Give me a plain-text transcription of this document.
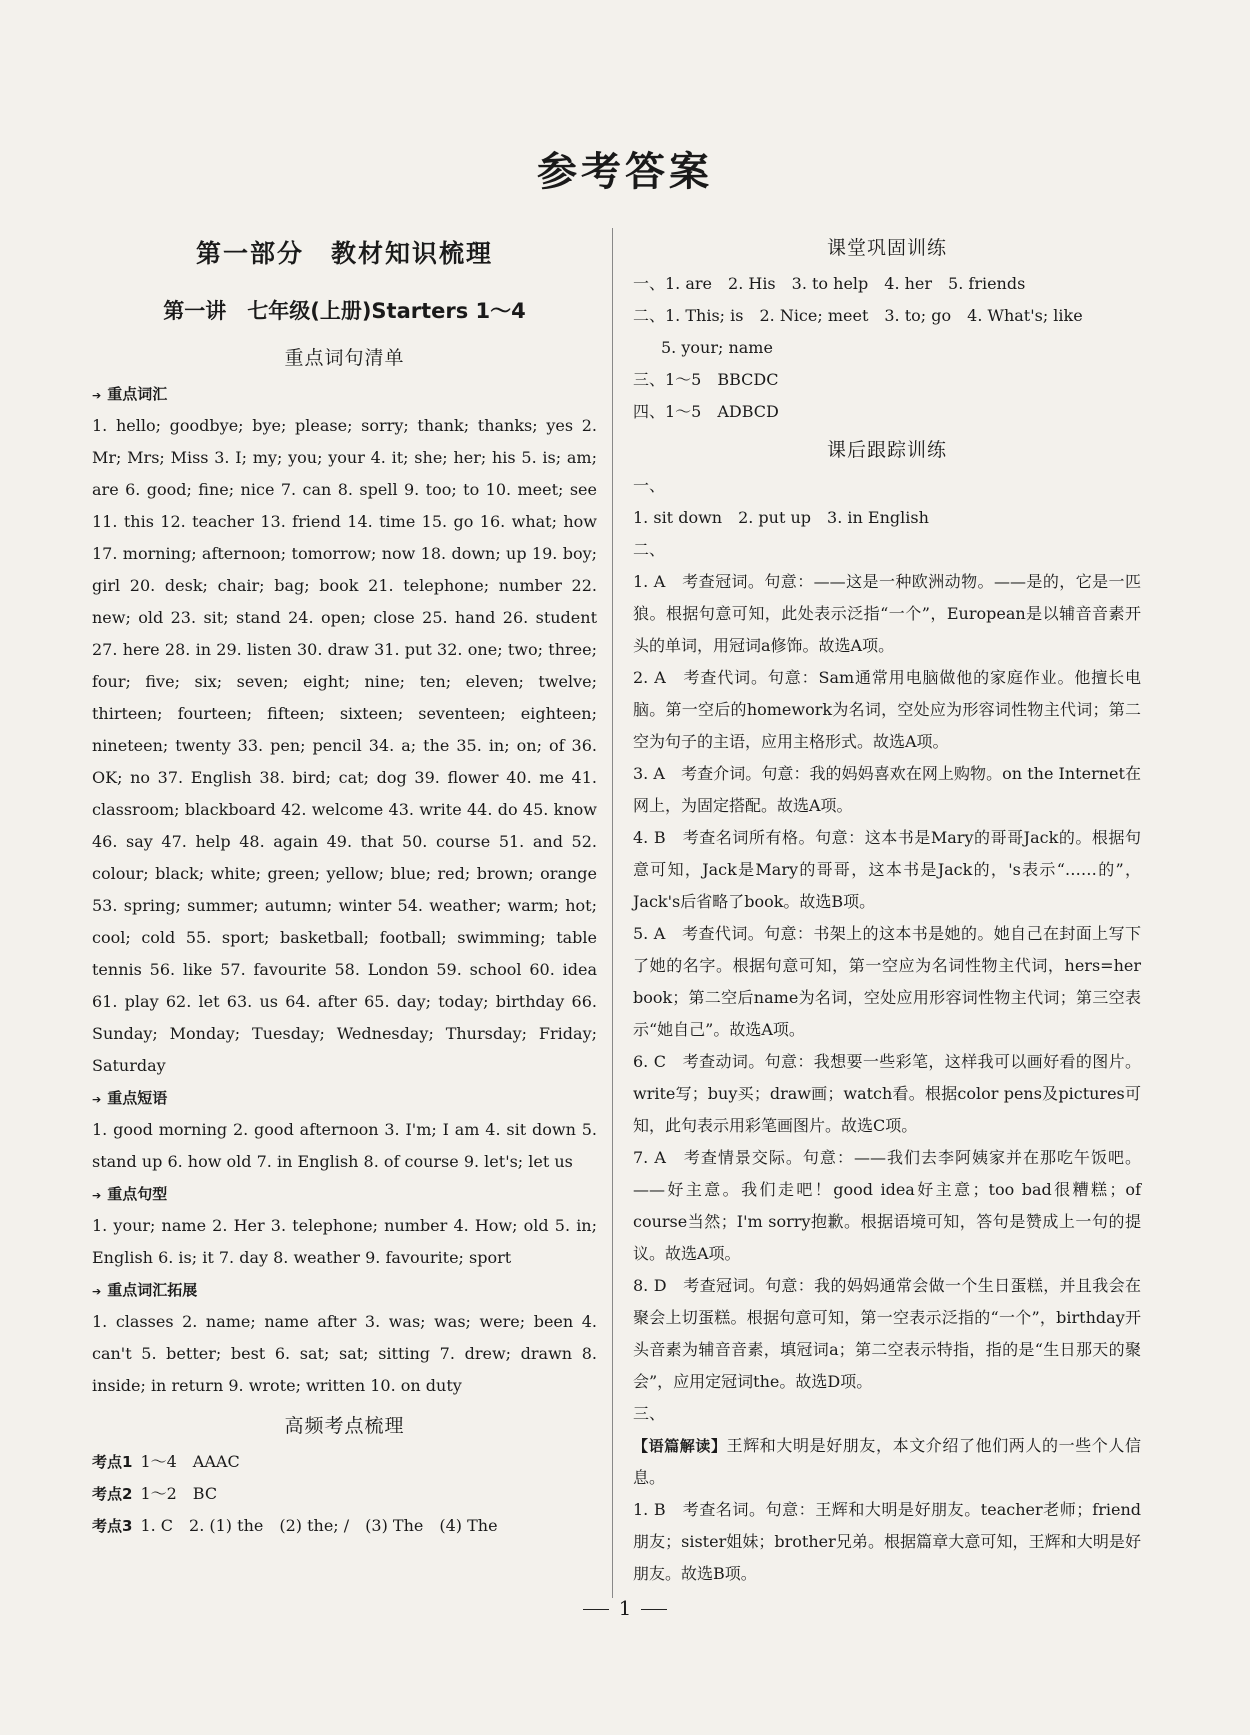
参考答案
第一部分　教材知识梳理
第一讲　七年级(上册)Starters 1～4
重点词句清单
➔ 重点词汇
1. hello; goodbye; bye; please; sorry; thank; thanks; yes 2. Mr; Mrs; Miss 3. I; my; you; your 4. it; she; her; his 5. is; am; are 6. good; fine; nice 7. can 8. spell 9. too; to 10. meet; see 11. this 12. teacher 13. friend 14. time 15. go 16. what; how 17. morning; afternoon; tomorrow; now 18. down; up 19. boy; girl 20. desk; chair; bag; book 21. telephone; number 22. new; old 23. sit; stand 24. open; close 25. hand 26. student 27. here 28. in 29. listen 30. draw 31. put 32. one; two; three; four; five; six; seven; eight; nine; ten; eleven; twelve; thirteen; fourteen; fifteen; sixteen; seventeen; eighteen; nineteen; twenty 33. pen; pencil 34. a; the 35. in; on; of 36. OK; no 37. English 38. bird; cat; dog 39. flower 40. me 41. classroom; blackboard 42. welcome 43. write 44. do 45. know 46. say 47. help 48. again 49. that 50. course 51. and 52. colour; black; white; green; yellow; blue; red; brown; orange 53. spring; summer; autumn; winter 54. weather; warm; hot; cool; cold 55. sport; basketball; football; swimming; table tennis 56. like 57. favourite 58. London 59. school 60. idea 61. play 62. let 63. us 64. after 65. day; today; birthday 66. Sunday; Monday; Tuesday; Wednesday; Thursday; Friday; Saturday
➔ 重点短语
1. good morning 2. good afternoon 3. I'm; I am 4. sit down 5. stand up 6. how old 7. in English 8. of course 9. let's; let us
➔ 重点句型
1. your; name 2. Her 3. telephone; number 4. How; old 5. in; English 6. is; it 7. day 8. weather 9. favourite; sport
➔ 重点词汇拓展
1. classes 2. name; name after 3. was; was; were; been 4. can't 5. better; best 6. sat; sat; sitting 7. drew; drawn 8. inside; in return 9. wrote; written 10. on duty
高频考点梳理
考点1 1～4　AAAC
考点2 1～2　BC
考点3 1. C　2. (1) the　(2) the; /　(3) The　(4) The
课堂巩固训练
一、1. are　2. His　3. to help　4. her　5. friends
二、1. This; is　2. Nice; meet　3. to; go　4. What's; like
5. your; name
三、1～5　BBCDC
四、1～5　ADBCD
课后跟踪训练
一、
1. sit down　2. put up　3. in English
二、
1. A　考查冠词。句意：——这是一种欧洲动物。——是的，它是一匹狼。根据句意可知，此处表示泛指“一个”，European是以辅音音素开头的单词，用冠词a修饰。故选A项。
2. A　考查代词。句意：Sam通常用电脑做他的家庭作业。他擅长电脑。第一空后的homework为名词，空处应为形容词性物主代词；第二空为句子的主语，应用主格形式。故选A项。
3. A　考查介词。句意：我的妈妈喜欢在网上购物。on the Internet在网上，为固定搭配。故选A项。
4. B　考查名词所有格。句意：这本书是Mary的哥哥Jack的。根据句意可知，Jack是Mary的哥哥，这本书是Jack的，'s表示“……的”，Jack's后省略了book。故选B项。
5. A　考查代词。句意：书架上的这本书是她的。她自己在封面上写下了她的名字。根据句意可知，第一空应为名词性物主代词，hers=her book；第二空后name为名词，空处应用形容词性物主代词；第三空表示“她自己”。故选A项。
6. C　考查动词。句意：我想要一些彩笔，这样我可以画好看的图片。write写；buy买；draw画；watch看。根据color pens及pictures可知，此句表示用彩笔画图片。故选C项。
7. A　考查情景交际。句意：——我们去李阿姨家并在那吃午饭吧。——好主意。我们走吧！good idea好主意；too bad很糟糕；of course当然；I'm sorry抱歉。根据语境可知，答句是赞成上一句的提议。故选A项。
8. D　考查冠词。句意：我的妈妈通常会做一个生日蛋糕，并且我会在聚会上切蛋糕。根据句意可知，第一空表示泛指的“一个”，birthday开头音素为辅音音素，填冠词a；第二空表示特指，指的是“生日那天的聚会”，应用定冠词the。故选D项。
三、
【语篇解读】王辉和大明是好朋友，本文介绍了他们两人的一些个人信息。
1. B　考查名词。句意：王辉和大明是好朋友。teacher老师；friend朋友；sister姐妹；brother兄弟。根据篇章大意可知，王辉和大明是好朋友。故选B项。
1
